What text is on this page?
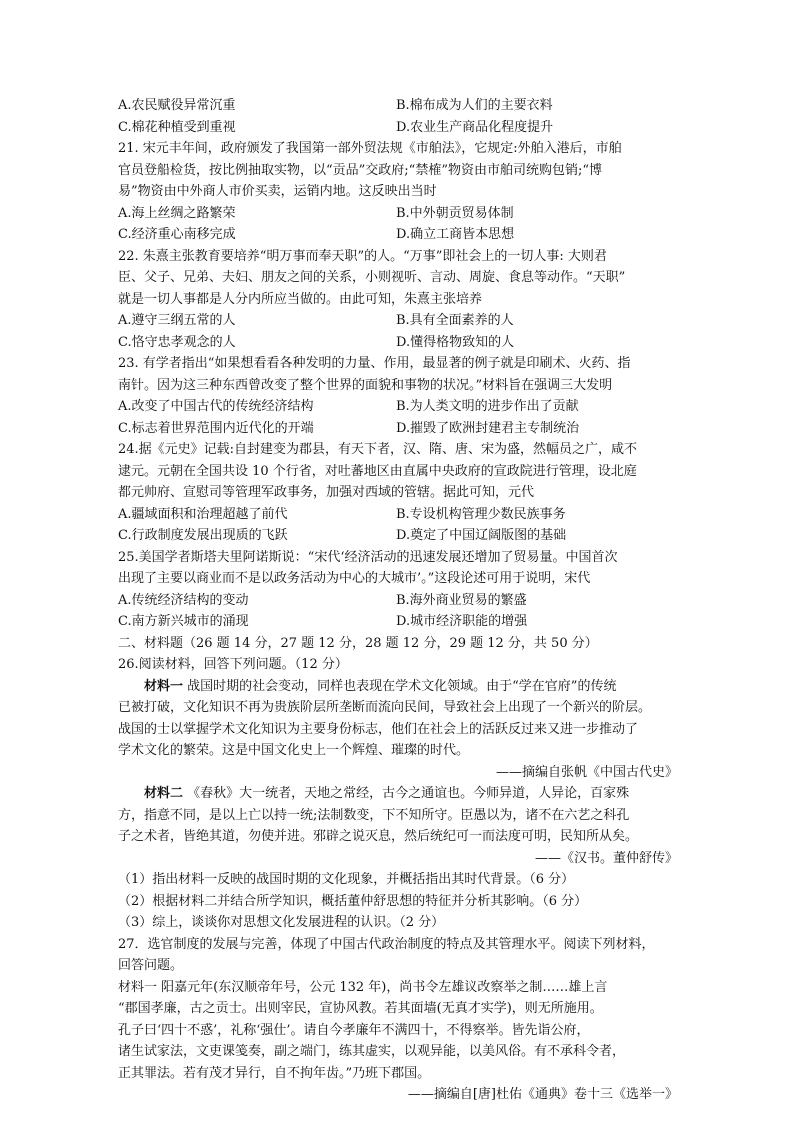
A.农民赋役异常沉重	B.棉布成为人们的主要衣料
C.棉花种植受到重视	D.农业生产商品化程度提升
21. 宋元丰年间，政府颁发了我国第一部外贸法规《市舶法》，它规定:外舶入港后，市舶
官员登船检货，按比例抽取实物，以“贡品”交政府;“禁榷”物资由市舶司统购包销;“博
易”物资由中外商人市价买卖，运销内地。这反映出当时
A.海上丝绸之路繁荣	B.中外朝贡贸易体制
C.经济重心南移完成	D.确立工商皆本思想
22. 朱熹主张教育要培养“明万事而奉天职”的人。“万事”即社会上的一切人事: 大则君
臣、父子、兄弟、夫妇、朋友之间的关系，小则视听、言动、周旋、食息等动作。“天职”
就是一切人事都是人分内所应当做的。由此可知，朱熹主张培养
A.遵守三纲五常的人	B.具有全面素养的人
C.恪守忠孝观念的人	D.懂得格物致知的人
23. 有学者指出“如果想看看各种发明的力量、作用，最显著的例子就是印刷术、火药、指
南针。因为这三种东西曾改变了整个世界的面貌和事物的状况。”材料旨在强调三大发明
A.改变了中国古代的传统经济结构	B.为人类文明的进步作出了贡献
C.标志着世界范围内近代化的开端	D.摧毁了欧洲封建君主专制统治
24.据《元史》记载:自封建变为郡县，有天下者，汉、隋、唐、宋为盛，然幅员之广，咸不
逮元。元朝在全国共设 10 个行省，对吐蕃地区由直属中央政府的宣政院进行管理，设北庭
都元帅府、宣慰司等管理军政事务，加强对西域的管辖。据此可知，元代
A.疆域面积和治理超越了前代	B.专设机构管理少数民族事务
C.行政制度发展出现质的飞跃	D.奠定了中国辽阔版图的基础
25.美国学者斯塔夫里阿诺斯说：“宋代‘经济活动的迅速发展还增加了贸易量。中国首次
出现了主要以商业而不是以政务活动为中心的大城市’。”这段论述可用于说明，宋代
A.传统经济结构的变动	B.海外商业贸易的繁盛
C.南方新兴城市的涌现	D.城市经济职能的增强
二、材料题（26 题 14 分，27 题 12 分，28 题 12 分，29 题 12 分，共 50 分）
26.阅读材料，回答下列问题。（12 分）
材料一 战国时期的社会变动，同样也表现在学术文化领域。由于“学在官府”的传统
已被打破，文化知识不再为贵族阶层所垄断而流向民间，导致社会上出现了一个新兴的阶层。
战国的士以掌握学术文化知识为主要身份标志，他们在社会上的活跃反过来又进一步推动了
学术文化的繁荣。这是中国文化史上一个辉煌、璀璨的时代。
——摘编自张帆《中国古代史》
材料二 《春秋》大一统者，天地之常经，古今之通谊也。今师异道，人异论，百家殊
方，指意不同，是以上亡以持一统;法制数变，下不知所守。臣愚以为，诸不在六艺之科孔
子之术者，皆绝其道，勿使并进。邪辟之说灭息，然后统纪可一而法度可明，民知所从矣。
——《汉书。董仲舒传》
（1）指出材料一反映的战国时期的文化现象，并概括指出其时代背景。（6 分）
（2）根据材料二并结合所学知识，概括董仲舒思想的特征并分析其影响。（6 分）
（3）综上，谈谈你对思想文化发展进程的认识。（2 分）
27．选官制度的发展与完善，体现了中国古代政治制度的特点及其管理水平。阅读下列材料，
回答问题。
材料一 阳嘉元年(东汉顺帝年号，公元 132 年)，尚书令左雄议改察举之制……雄上言
“郡国孝廉，古之贡士。出则宰民，宣协风教。若其面墙(无真才实学)，则无所施用。
孔子曰‘四十不惑’，礼称‘强仕’。请自今孝廉年不满四十，不得察举。皆先诣公府，
诸生试家法，文吏课笺奏，副之端门，练其虚实，以观异能，以美风俗。有不承科令者，
正其罪法。若有茂才异行，自不拘年齿。”乃班下郡国。
——摘编自[唐]杜佑《通典》卷十三《选举一》
